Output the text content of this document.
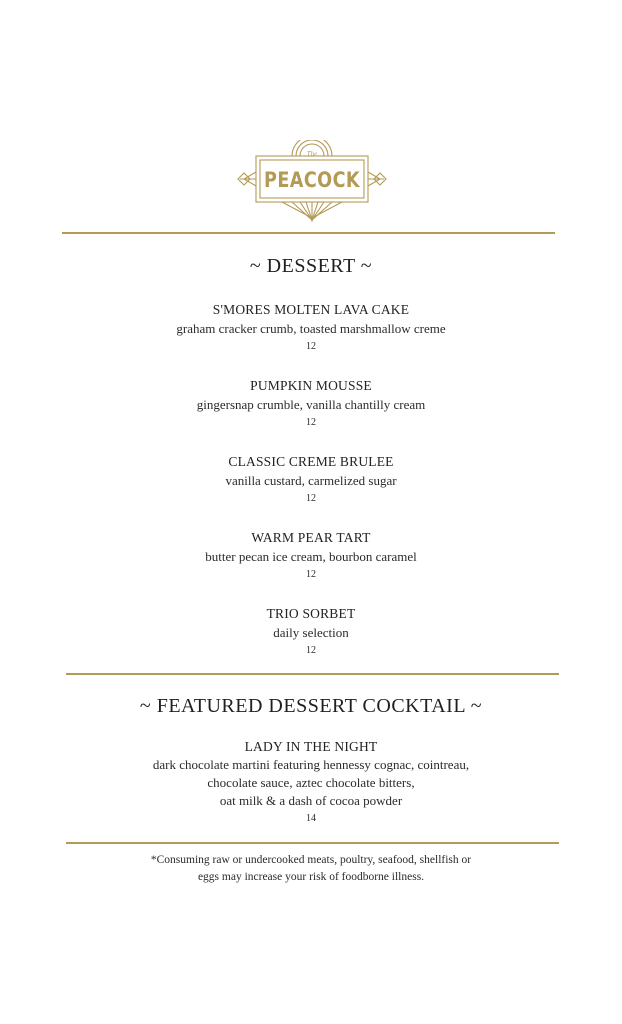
The
PEACOCK
~ DESSERT ~
S'MORES MOLTEN LAVA CAKE
graham cracker crumb, toasted marshmallow creme
12
PUMPKIN MOUSSE
gingersnap crumble, vanilla chantilly cream
12
CLASSIC CREME BRULEE
vanilla custard, carmelized sugar
12
WARM PEAR TART
butter pecan ice cream, bourbon caramel
12
TRIO SORBET
daily selection
12
~ FEATURED DESSERT COCKTAIL ~
LADY IN THE NIGHT
dark chocolate martini featuring hennessy cognac, cointreau,
chocolate sauce, aztec chocolate bitters,
oat milk & a dash of cocoa powder
14
*Consuming raw or undercooked meats, poultry, seafood, shellfish or
eggs may increase your risk of foodborne illness.
